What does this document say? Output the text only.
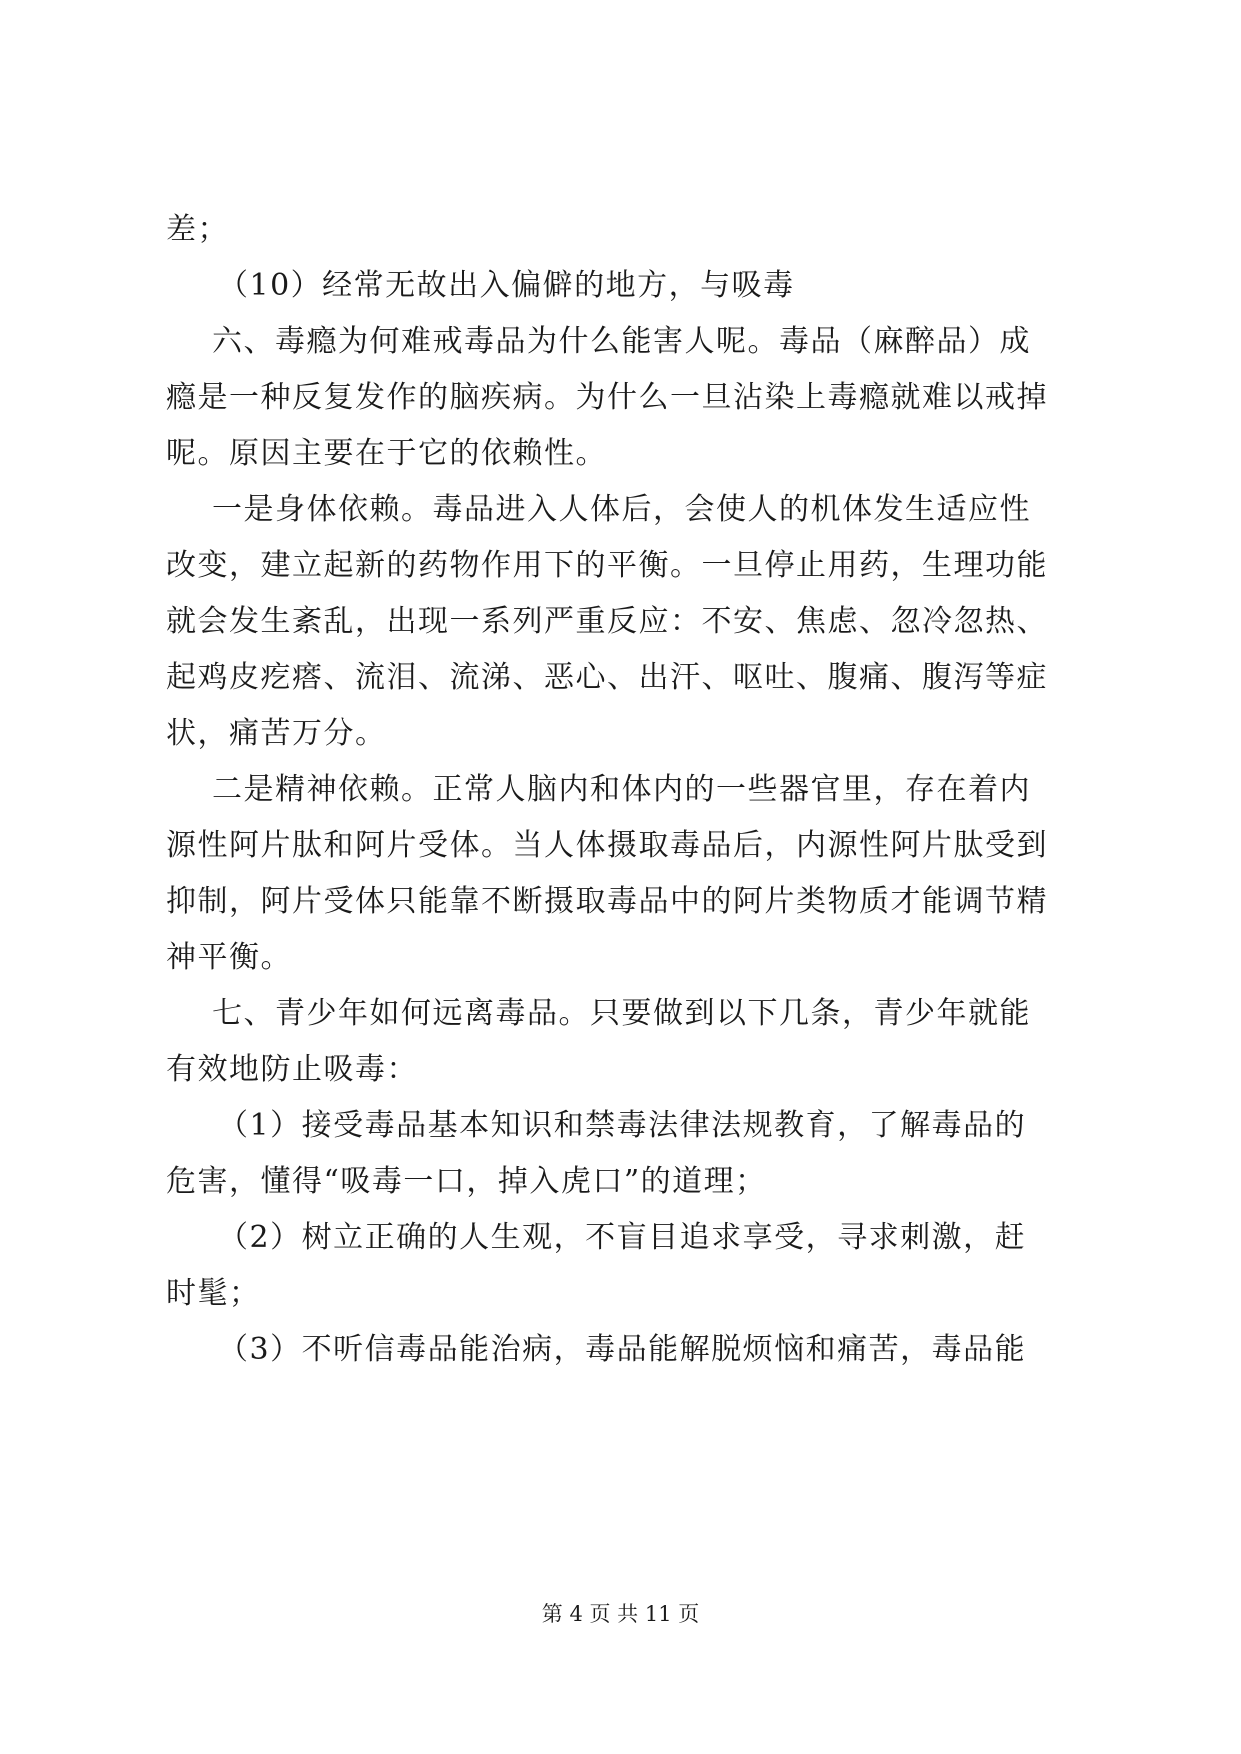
差；
（10）经常无故出入偏僻的地方，与吸毒
六、毒瘾为何难戒毒品为什么能害人呢。毒品（麻醉品）成
瘾是一种反复发作的脑疾病。为什么一旦沾染上毒瘾就难以戒掉
呢。原因主要在于它的依赖性。
一是身体依赖。毒品进入人体后，会使人的机体发生适应性
改变，建立起新的药物作用下的平衡。一旦停止用药，生理功能
就会发生紊乱，出现一系列严重反应：不安、焦虑、忽冷忽热、
起鸡皮疙瘩、流泪、流涕、恶心、出汗、呕吐、腹痛、腹泻等症
状，痛苦万分。
二是精神依赖。正常人脑内和体内的一些器官里，存在着内
源性阿片肽和阿片受体。当人体摄取毒品后，内源性阿片肽受到
抑制，阿片受体只能靠不断摄取毒品中的阿片类物质才能调节精
神平衡。
七、青少年如何远离毒品。只要做到以下几条，青少年就能
有效地防止吸毒：
（1）接受毒品基本知识和禁毒法律法规教育，了解毒品的
危害，懂得“吸毒一口，掉入虎口”的道理；
（2）树立正确的人生观，不盲目追求享受，寻求刺激，赶
时髦；
（3）不听信毒品能治病，毒品能解脱烦恼和痛苦，毒品能
第 4 页 共 11 页
